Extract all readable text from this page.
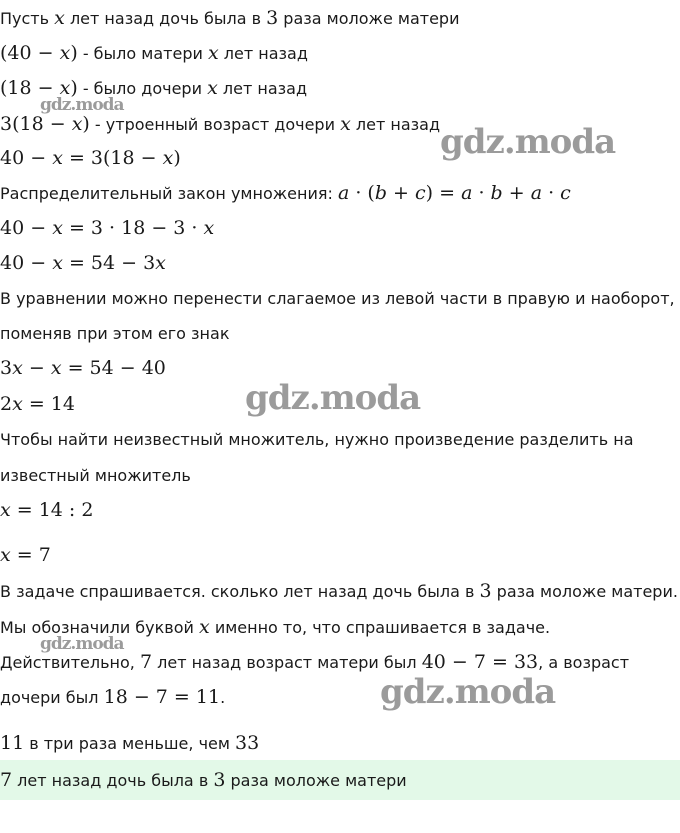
Пусть x лет назад дочь была в 3 раза моложе матери
(40 − x) - было матери x лет назад
(18 − x) - было дочери x лет назад
3(18 − x) - утроенный возраст дочери x лет назад
40 − x = 3(18 − x)
Распределительный закон умножения: a · (b + c) = a · b + a · c
40 − x = 3 · 18 − 3 · x
40 − x = 54 − 3x
В уравнении можно перенести слагаемое из левой части в правую и наоборот,
поменяв при этом его знак
3x − x = 54 − 40
2x = 14
Чтобы найти неизвестный множитель, нужно произведение разделить на
известный множитель
x = 14 : 2
x = 7
В задаче спрашивается. сколько лет назад дочь была в 3 раза моложе матери.
Мы обозначили буквой x именно то, что спрашивается в задаче.
Действительно, 7 лет назад возраст матери был 40 − 7 = 33, а возраст
дочери был 18 − 7 = 11.
11 в три раза меньше, чем 33
7 лет назад дочь была в 3 раза моложе матери
gdz.moda
gdz.moda
gdz.moda
gdz.moda
gdz.moda
